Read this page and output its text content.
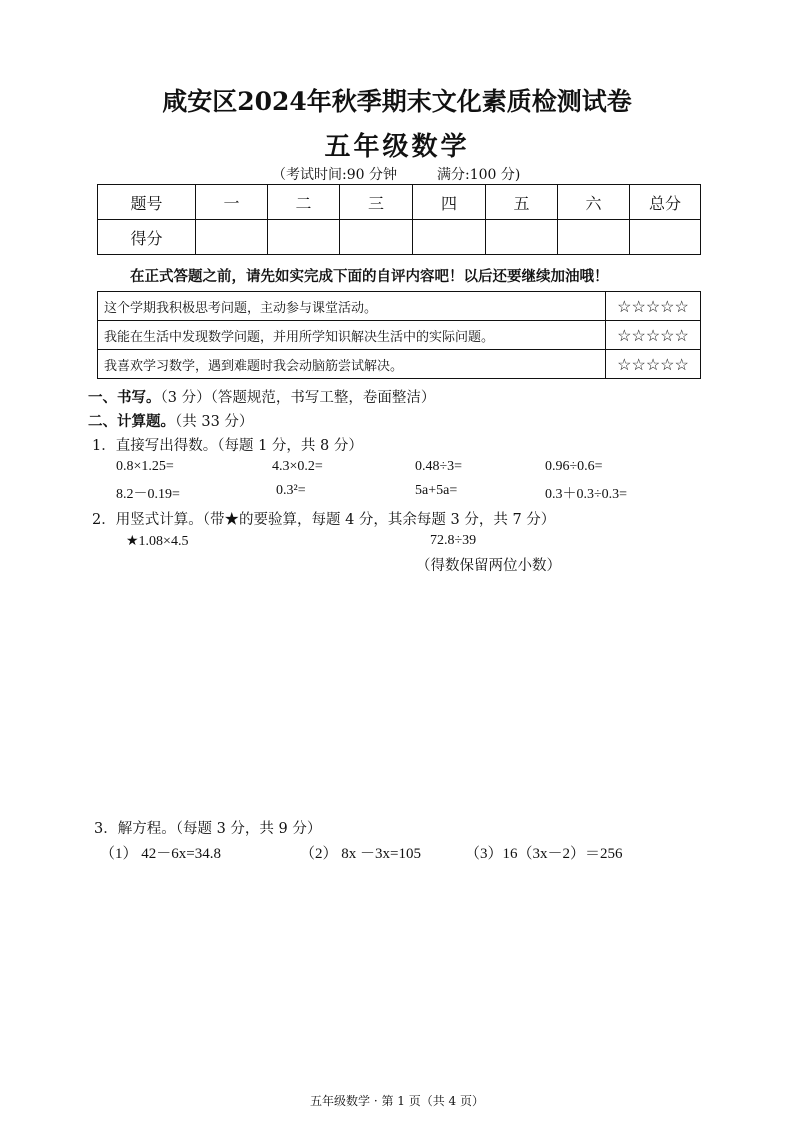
咸安区2024年秋季期末文化素质检测试卷
五年级数学
（考试时间:90 分钟	满分:100 分)
题号	一	二	三	四	五	六	总分
得分							
在正式答题之前，请先如实完成下面的自评内容吧！以后还要继续加油哦！
这个学期我积极思考问题，主动参与课堂活动。	☆☆☆☆☆
我能在生活中发现数学问题，并用所学知识解决生活中的实际问题。	☆☆☆☆☆
我喜欢学习数学，遇到难题时我会动脑筋尝试解决。	☆☆☆☆☆
一、书写。（3 分）（答题规范，书写工整，卷面整洁）
二、计算题。（共 33 分）
1．直接写出得数。（每题 1 分，共 8 分）
0.8×1.25=	4.3×0.2=	0.48÷3=	0.96÷0.6=
8.2－0.19=	0.3²=	5a+5a=	0.3＋0.3÷0.3=
2．用竖式计算。（带★的要验算，每题 4 分，其余每题 3 分，共 7 分）
★1.08×4.5	72.8÷39
（得数保留两位小数）
3．解方程。（每题 3 分，共 9 分）
（1） 42－6x=34.8	（2） 8x －3x=105	（3）16（3x－2）＝256
五年级数学 · 第 1 页（共 4 页）
